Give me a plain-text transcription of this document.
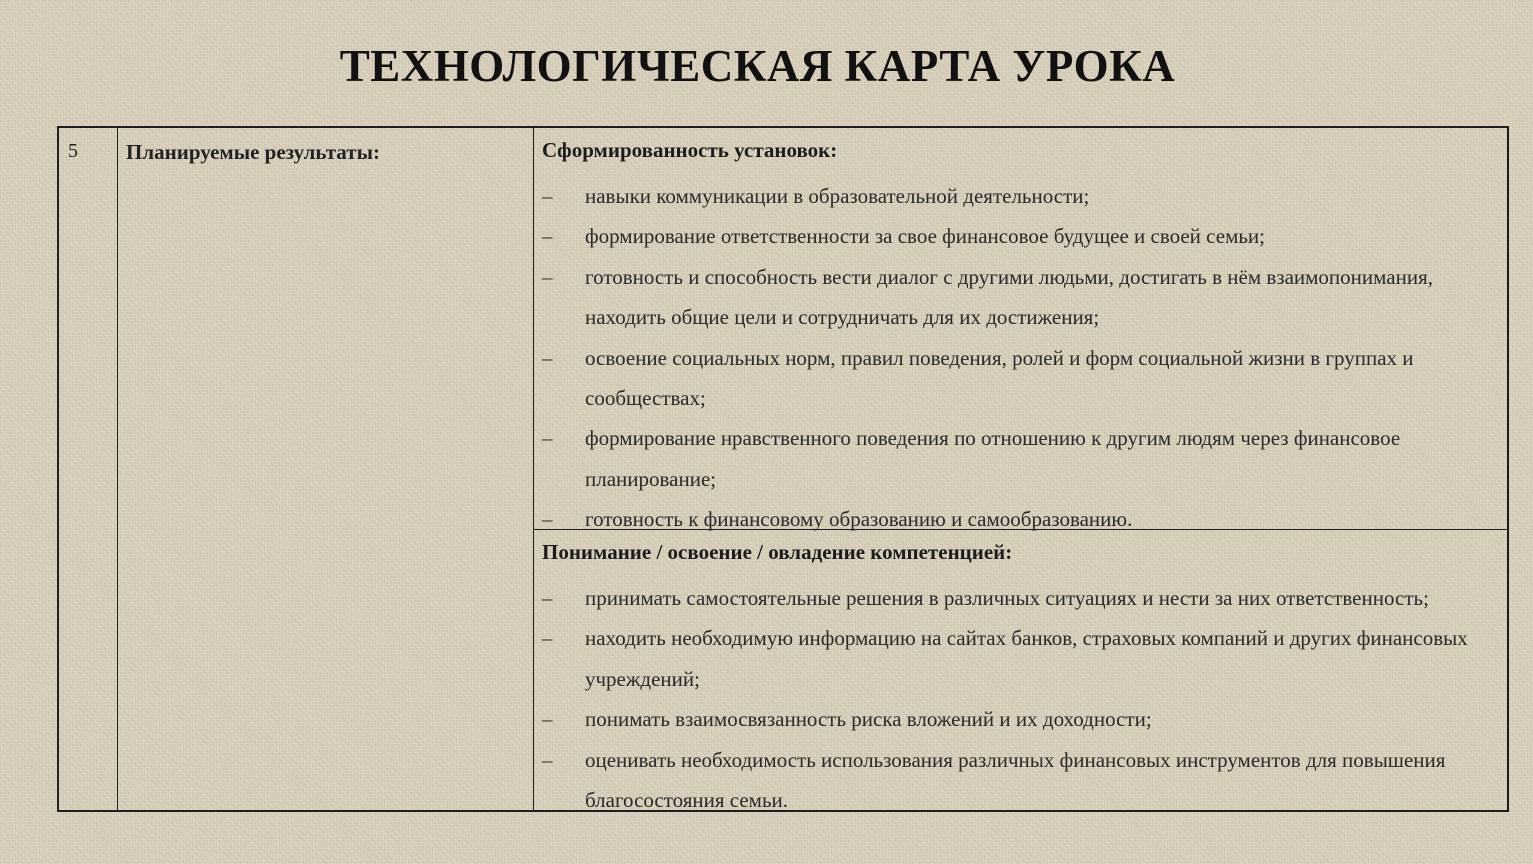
ТЕХНОЛОГИЧЕСКАЯ КАРТА УРОКА
5	Планируемые результаты:	Сформированность установок:
– навыки коммуникации в образовательной деятельности;
– формирование ответственности за свое финансовое будущее и своей семьи;
– готовность и способность вести диалог с другими людьми, достигать в нём взаимопонимания, находить общие цели и сотрудничать для их достижения;
– освоение социальных норм, правил поведения, ролей и форм социальной жизни в группах и сообществах;
– формирование нравственного поведения по отношению к другим людям через финансовое планирование;
– готовность к финансовому образованию и самообразованию.
Понимание / освоение / овладение компетенцией:
– принимать самостоятельные решения в различных ситуациях и нести за них ответственность;
– находить необходимую информацию на сайтах банков, страховых компаний и других финансовых учреждений;
– понимать взаимосвязанность риска вложений и их доходности;
– оценивать необходимость использования различных финансовых инструментов для повышения благосостояния семьи.
